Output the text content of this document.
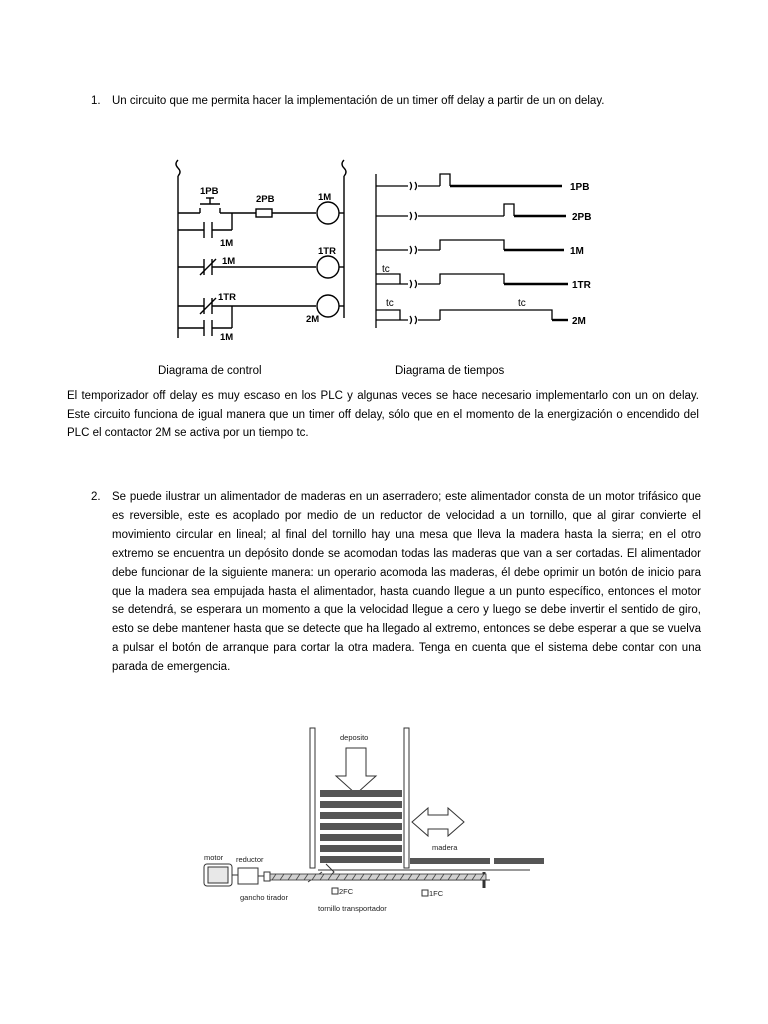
1. Un circuito que me permita hacer la implementación de un timer off delay a partir de un on delay.
1PB
2PB	1M
1M
1M
1TR
1TR
2M
1M
1PB
2PB
1M
1TR
2M
tc
tc	tc
Diagrama de control	Diagrama de tiempos
El temporizador off delay es muy escaso en los PLC y algunas veces se hace necesario implementarlo con un on delay. Este circuito funciona de igual manera que un timer off delay, sólo que en el momento de la energización o encendido del PLC el contactor 2M se activa por un tiempo tc.
2. Se puede ilustrar un alimentador de maderas en un aserradero; este alimentador consta de un motor trifásico que es reversible, este es acoplado por medio de un reductor de velocidad a un tornillo, que al girar convierte el movimiento circular en lineal; al final del tornillo hay una mesa que lleva la madera hasta la sierra; en el otro extremo se encuentra un depósito donde se acomodan todas las maderas que van a ser cortadas. El alimentador debe funcionar de la siguiente manera: un operario acomoda las maderas, él debe oprimir un botón de inicio para que la madera sea empujada hasta el alimentador, hasta cuando llegue a un punto específico, entonces el motor se detendrá, se esperara un momento a que la velocidad llegue a cero y luego se debe invertir el sentido de giro, esto se debe mantener hasta que se detecte que ha llegado al extremo, entonces se debe esperar a que se vuelva a pulsar el botón de arranque para cortar la otra madera. Tenga en cuenta que el sistema debe contar con una parada de emergencia.
deposito
madera
motor reductor
gancho tirador
2FC
tornillo transportador
1FC
